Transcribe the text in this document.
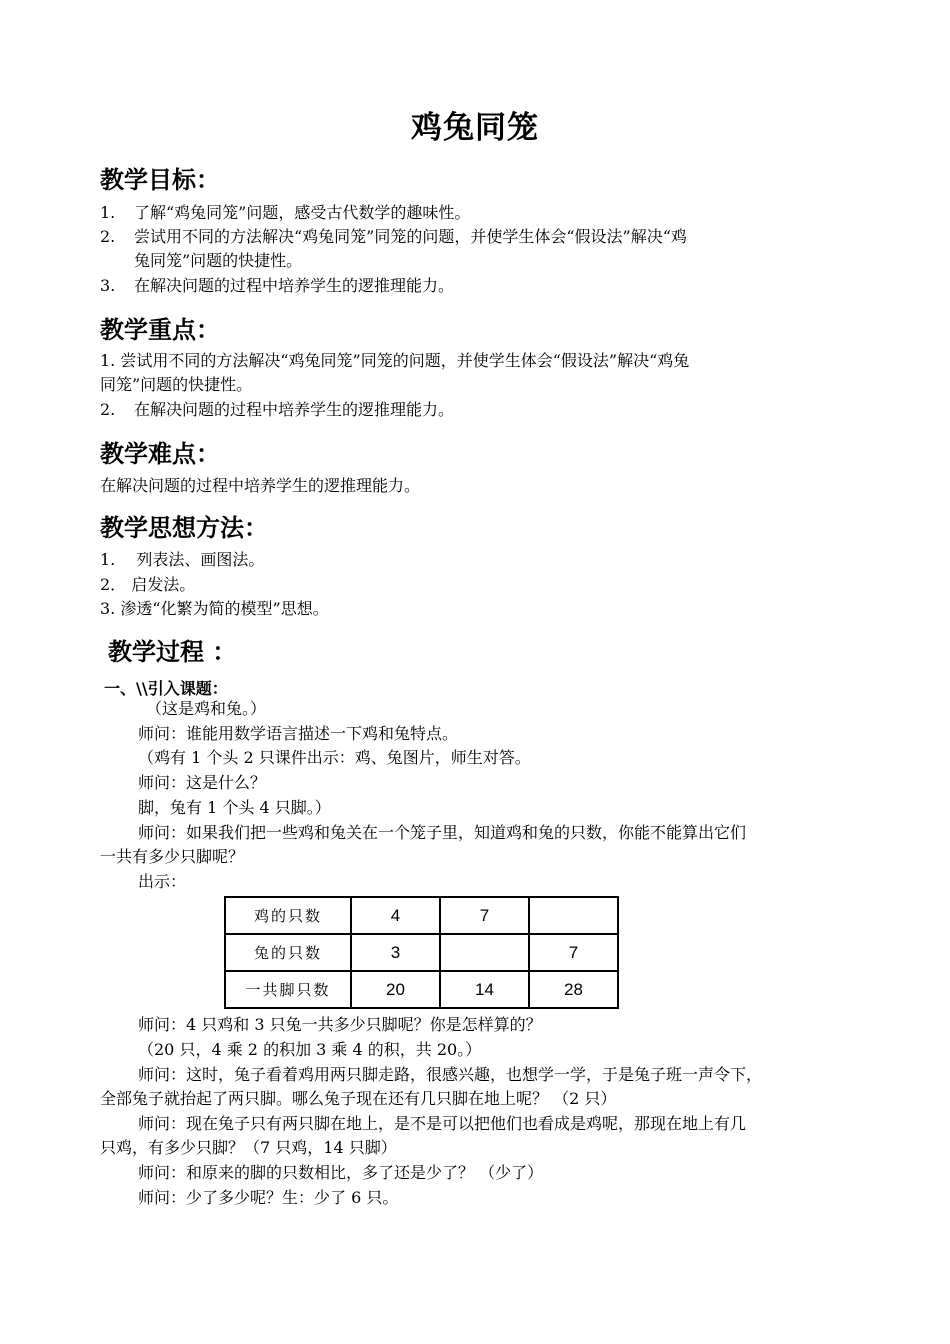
鸡兔同笼
教学目标：
1. 了解“鸡兔同笼”问题，感受古代数学的趣味性。
2. 尝试用不同的方法解决“鸡兔同笼”同笼的问题，并使学生体会“假设法”解决“鸡
兔同笼”问题的快捷性。
3. 在解决问题的过程中培养学生的逻推理能力。
教学重点：
1. 尝试用不同的方法解决“鸡兔同笼”同笼的问题，并使学生体会“假设法”解决“鸡兔
同笼”问题的快捷性。
2. 在解决问题的过程中培养学生的逻推理能力。
教学难点：
在解决问题的过程中培养学生的逻推理能力。
教学思想方法：
1.　 列表法、画图法。
2． 启发法。
3. 渗透“化繁为简的模型”思想。
教学过程 ：
一、\\引入课题：
（这是鸡和兔。）
师问：谁能用数学语言描述一下鸡和兔特点。
（鸡有 1 个头 2 只课件出示：鸡、兔图片，师生对答。
师问：这是什么？
脚，兔有 1 个头 4 只脚。）
师问：如果我们把一些鸡和兔关在一个笼子里，知道鸡和兔的只数，你能不能算出它们
一共有多少只脚呢？
出示：
鸡的只数	4	7	
兔的只数	3		7
一共脚只数	20	14	28
师问：4 只鸡和 3 只兔一共多少只脚呢？你是怎样算的？
（20 只，4 乘 2 的积加 3 乘 4 的积，共 20。）
师问：这时，兔子看着鸡用两只脚走路，很感兴趣，也想学一学，于是兔子班一声令下，
全部兔子就抬起了两只脚。哪么兔子现在还有几只脚在地上呢？ （2 只）
师问：现在兔子只有两只脚在地上，是不是可以把他们也看成是鸡呢，那现在地上有几
只鸡，有多少只脚？（7 只鸡，14 只脚）
师问：和原来的脚的只数相比，多了还是少了？ （少了）
师问：少了多少呢？生：少了 6 只。
